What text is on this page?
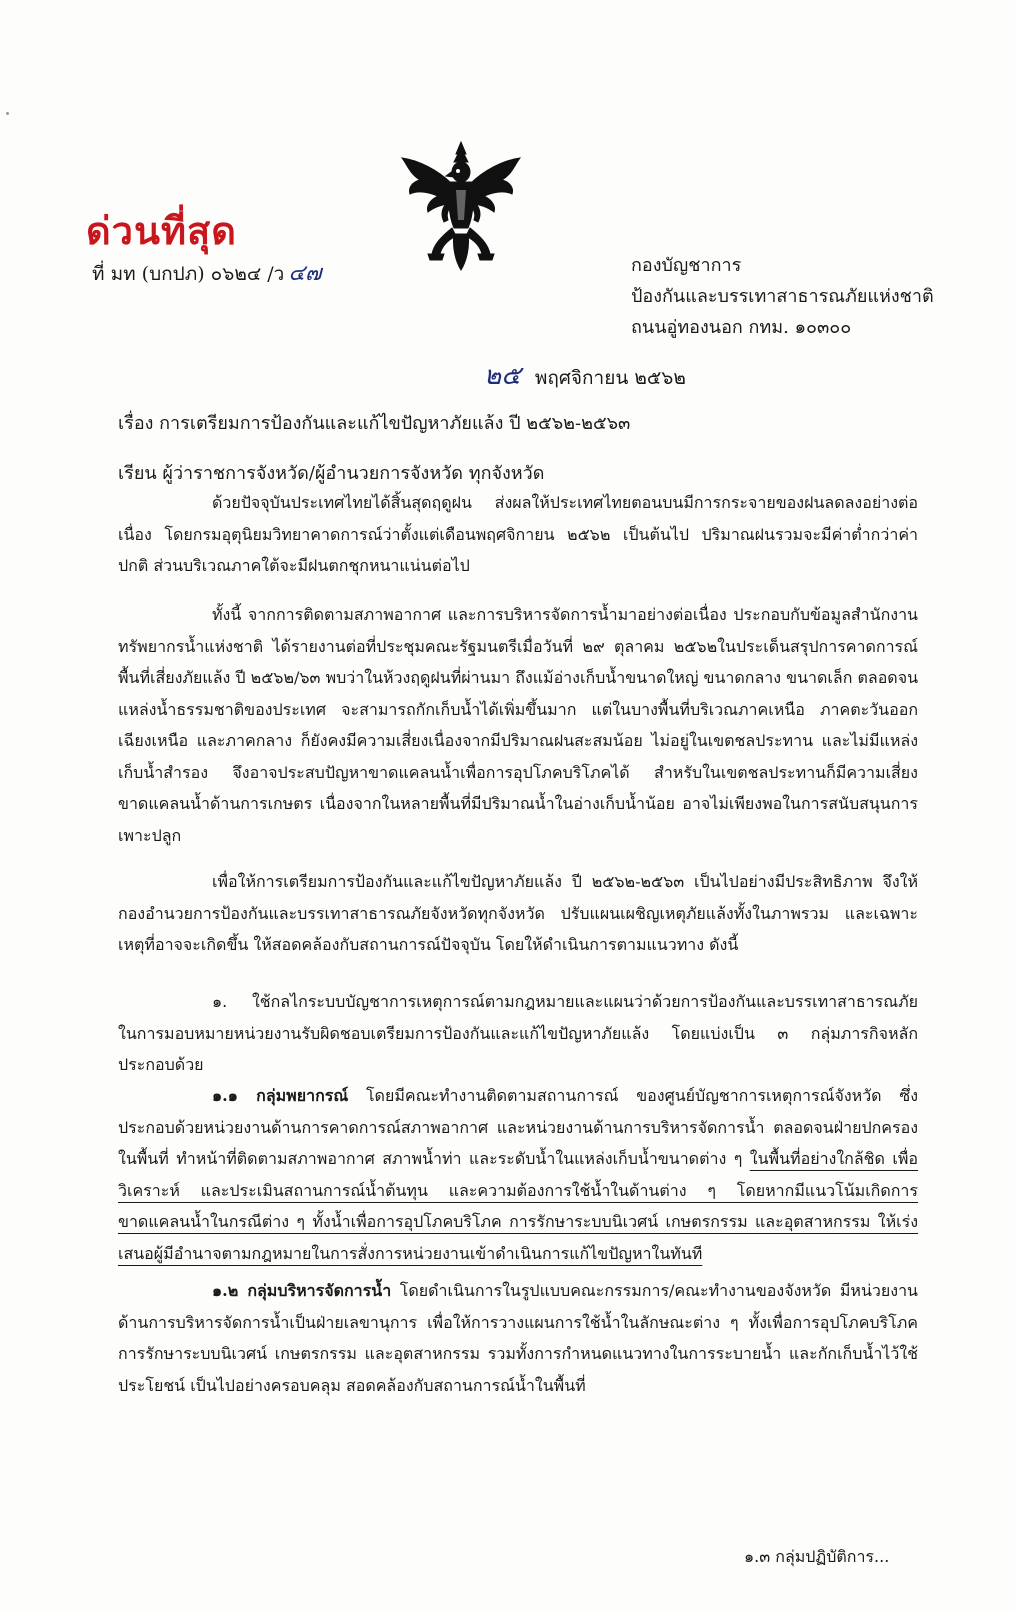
ด่วนที่สุด
ที่ มท (บกปภ) ๐๖๒๔ /ว ๔๗	กองบัญชาการ
ป้องกันและบรรเทาสาธารณภัยแห่งชาติ
ถนนอู่ทองนอก กทม. ๑๐๓๐๐
๒๕ พฤศจิกายน ๒๕๖๒
เรื่อง การเตรียมการป้องกันและแก้ไขปัญหาภัยแล้ง ปี ๒๕๖๒-๒๕๖๓
เรียน ผู้ว่าราชการจังหวัด/ผู้อำนวยการจังหวัด ทุกจังหวัด

ด้วยปัจจุบันประเทศไทยได้สิ้นสุดฤดูฝน ส่งผลให้ประเทศไทยตอนบนมีการกระจายของฝนลดลงอย่างต่อเนื่อง โดยกรมอุตุนิยมวิทยาคาดการณ์ว่าตั้งแต่เดือนพฤศจิกายน ๒๕๖๒ เป็นต้นไป ปริมาณฝนรวมจะมีค่าต่ำกว่าค่าปกติ ส่วนบริเวณภาคใต้จะมีฝนตกชุกหนาแน่นต่อไป

ทั้งนี้ จากการติดตามสภาพอากาศ และการบริหารจัดการน้ำมาอย่างต่อเนื่อง ประกอบกับข้อมูลสำนักงานทรัพยากรน้ำแห่งชาติ ได้รายงานต่อที่ประชุมคณะรัฐมนตรีเมื่อวันที่ ๒๙ ตุลาคม ๒๕๖๒ในประเด็นสรุปการคาดการณ์พื้นที่เสี่ยงภัยแล้ง ปี ๒๕๖๒/๖๓ พบว่าในห้วงฤดูฝนที่ผ่านมา ถึงแม้อ่างเก็บน้ำขนาดใหญ่ ขนาดกลาง ขนาดเล็ก ตลอดจนแหล่งน้ำธรรมชาติของประเทศ จะสามารถกักเก็บน้ำได้เพิ่มขึ้นมาก แต่ในบางพื้นที่บริเวณภาคเหนือ ภาคตะวันออกเฉียงเหนือ และภาคกลาง ก็ยังคงมีความเสี่ยงเนื่องจากมีปริมาณฝนสะสมน้อย ไม่อยู่ในเขตชลประทาน และไม่มีแหล่งเก็บน้ำสำรอง จึงอาจประสบปัญหาขาดแคลนน้ำเพื่อการอุปโภคบริโภคได้ สำหรับในเขตชลประทานก็มีความเสี่ยงขาดแคลนน้ำด้านการเกษตร เนื่องจากในหลายพื้นที่มีปริมาณน้ำในอ่างเก็บน้ำน้อย อาจไม่เพียงพอในการสนับสนุนการเพาะปลูก

เพื่อให้การเตรียมการป้องกันและแก้ไขปัญหาภัยแล้ง ปี ๒๕๖๒-๒๕๖๓ เป็นไปอย่างมีประสิทธิภาพ จึงให้กองอำนวยการป้องกันและบรรเทาสาธารณภัยจังหวัดทุกจังหวัด ปรับแผนเผชิญเหตุภัยแล้งทั้งในภาพรวม และเฉพาะเหตุที่อาจจะเกิดขึ้น ให้สอดคล้องกับสถานการณ์ปัจจุบัน โดยให้ดำเนินการตามแนวทาง ดังนี้

๑. ใช้กลไกระบบบัญชาการเหตุการณ์ตามกฎหมายและแผนว่าด้วยการป้องกันและบรรเทาสาธารณภัย ในการมอบหมายหน่วยงานรับผิดชอบเตรียมการป้องกันและแก้ไขปัญหาภัยแล้ง โดยแบ่งเป็น ๓ กลุ่มภารกิจหลัก ประกอบด้วย

๑.๑ กลุ่มพยากรณ์ โดยมีคณะทำงานติดตามสถานการณ์ ของศูนย์บัญชาการเหตุการณ์จังหวัด ซึ่งประกอบด้วยหน่วยงานด้านการคาดการณ์สภาพอากาศ และหน่วยงานด้านการบริหารจัดการน้ำ ตลอดจนฝ่ายปกครองในพื้นที่ ทำหน้าที่ติดตามสภาพอากาศ สภาพน้ำท่า และระดับน้ำในแหล่งเก็บน้ำขนาดต่าง ๆ ในพื้นที่อย่างใกล้ชิด เพื่อวิเคราะห์ และประเมินสถานการณ์น้ำต้นทุน และความต้องการใช้น้ำในด้านต่าง ๆ โดยหากมีแนวโน้มเกิดการขาดแคลนน้ำในกรณีต่าง ๆ ทั้งน้ำเพื่อการอุปโภคบริโภค การรักษาระบบนิเวศน์ เกษตรกรรม และอุตสาหกรรม ให้เร่งเสนอผู้มีอำนาจตามกฎหมายในการสั่งการหน่วยงานเข้าดำเนินการแก้ไขปัญหาในทันที

๑.๒ กลุ่มบริหารจัดการน้ำ โดยดำเนินการในรูปแบบคณะกรรมการ/คณะทำงานของจังหวัด มีหน่วยงานด้านการบริหารจัดการน้ำเป็นฝ่ายเลขานุการ เพื่อให้การวางแผนการใช้น้ำในลักษณะต่าง ๆ ทั้งเพื่อการอุปโภคบริโภค การรักษาระบบนิเวศน์ เกษตรกรรม และอุตสาหกรรม รวมทั้งการกำหนดแนวทางในการระบายน้ำ และกักเก็บน้ำไว้ใช้ประโยชน์ เป็นไปอย่างครอบคลุม สอดคล้องกับสถานการณ์น้ำในพื้นที่

๑.๓ กลุ่มปฏิบัติการ...
